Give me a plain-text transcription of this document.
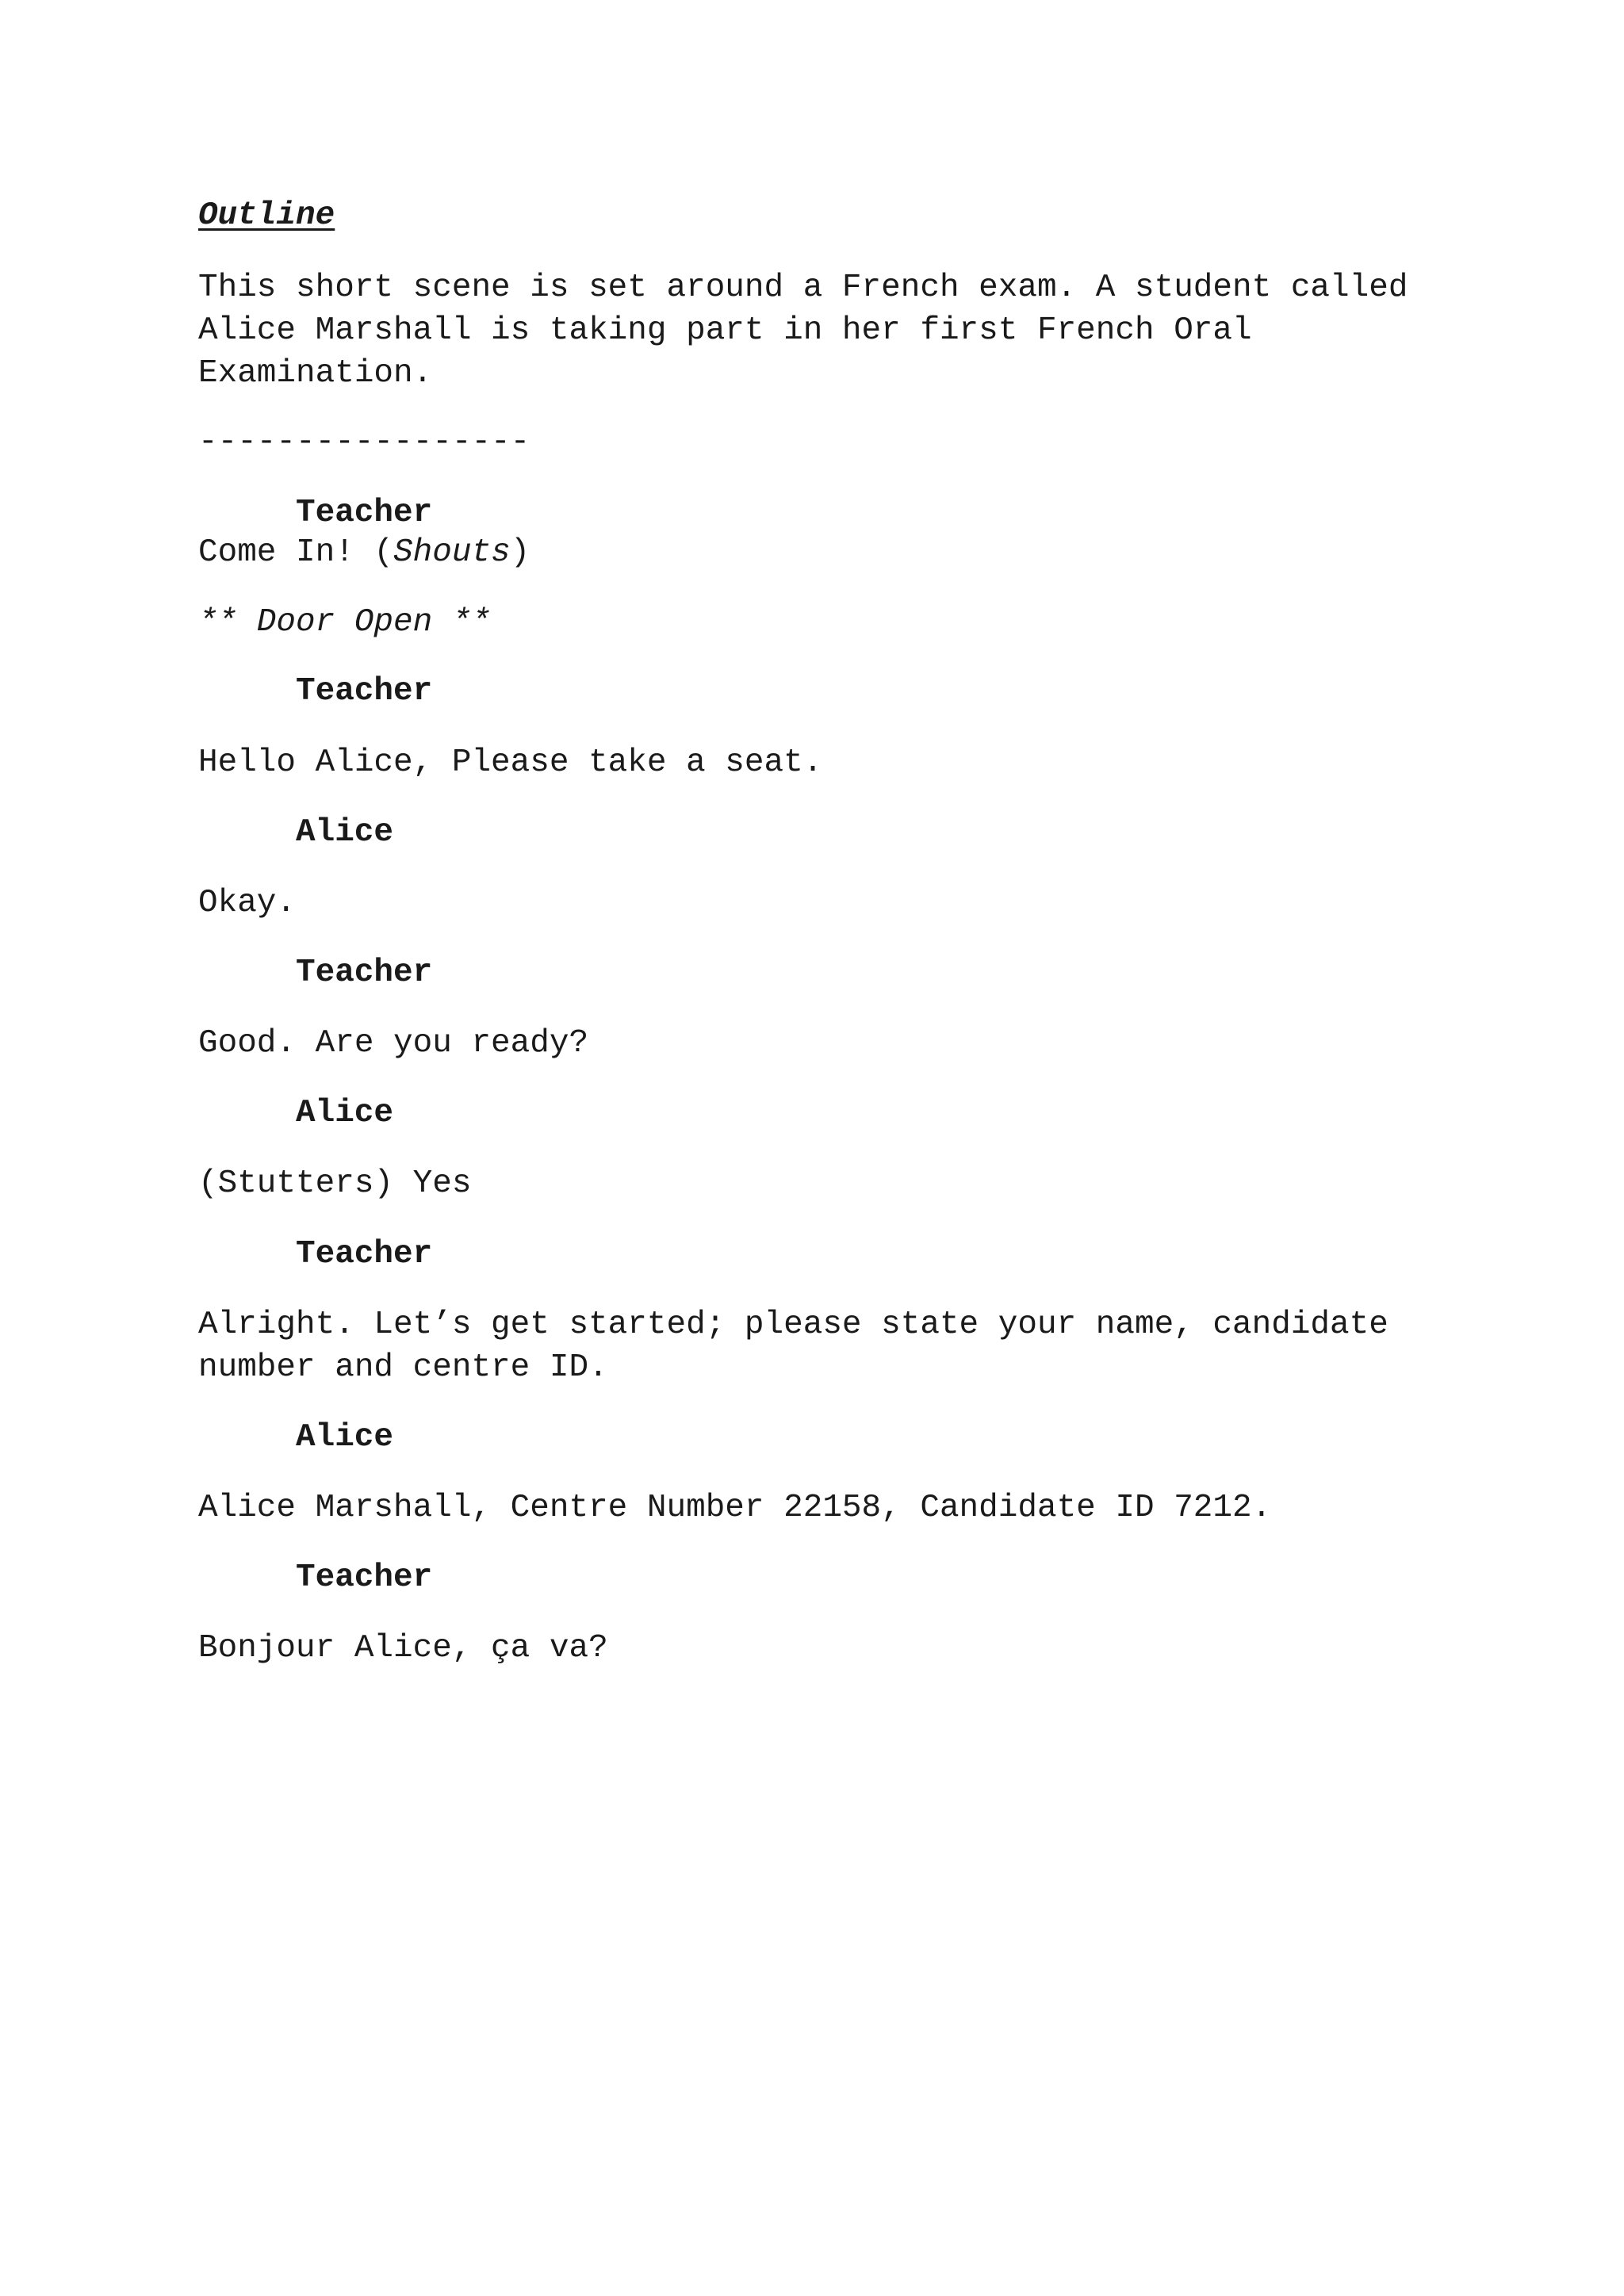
Outline

This short scene is set around a French exam. A student called

Alice Marshall is taking part in her first French Oral

Examination.

-----------------

Teacher

Come In! (Shouts)

** Door Open **

Teacher

Hello Alice, Please take a seat.

Alice

Okay.

Teacher

Good. Are you ready?

Alice

(Stutters) Yes

Teacher

Alright. Let’s get started; please state your name, candidate

number and centre ID.

Alice

Alice Marshall, Centre Number 22158, Candidate ID 7212.

Teacher

Bonjour Alice, ça va?
